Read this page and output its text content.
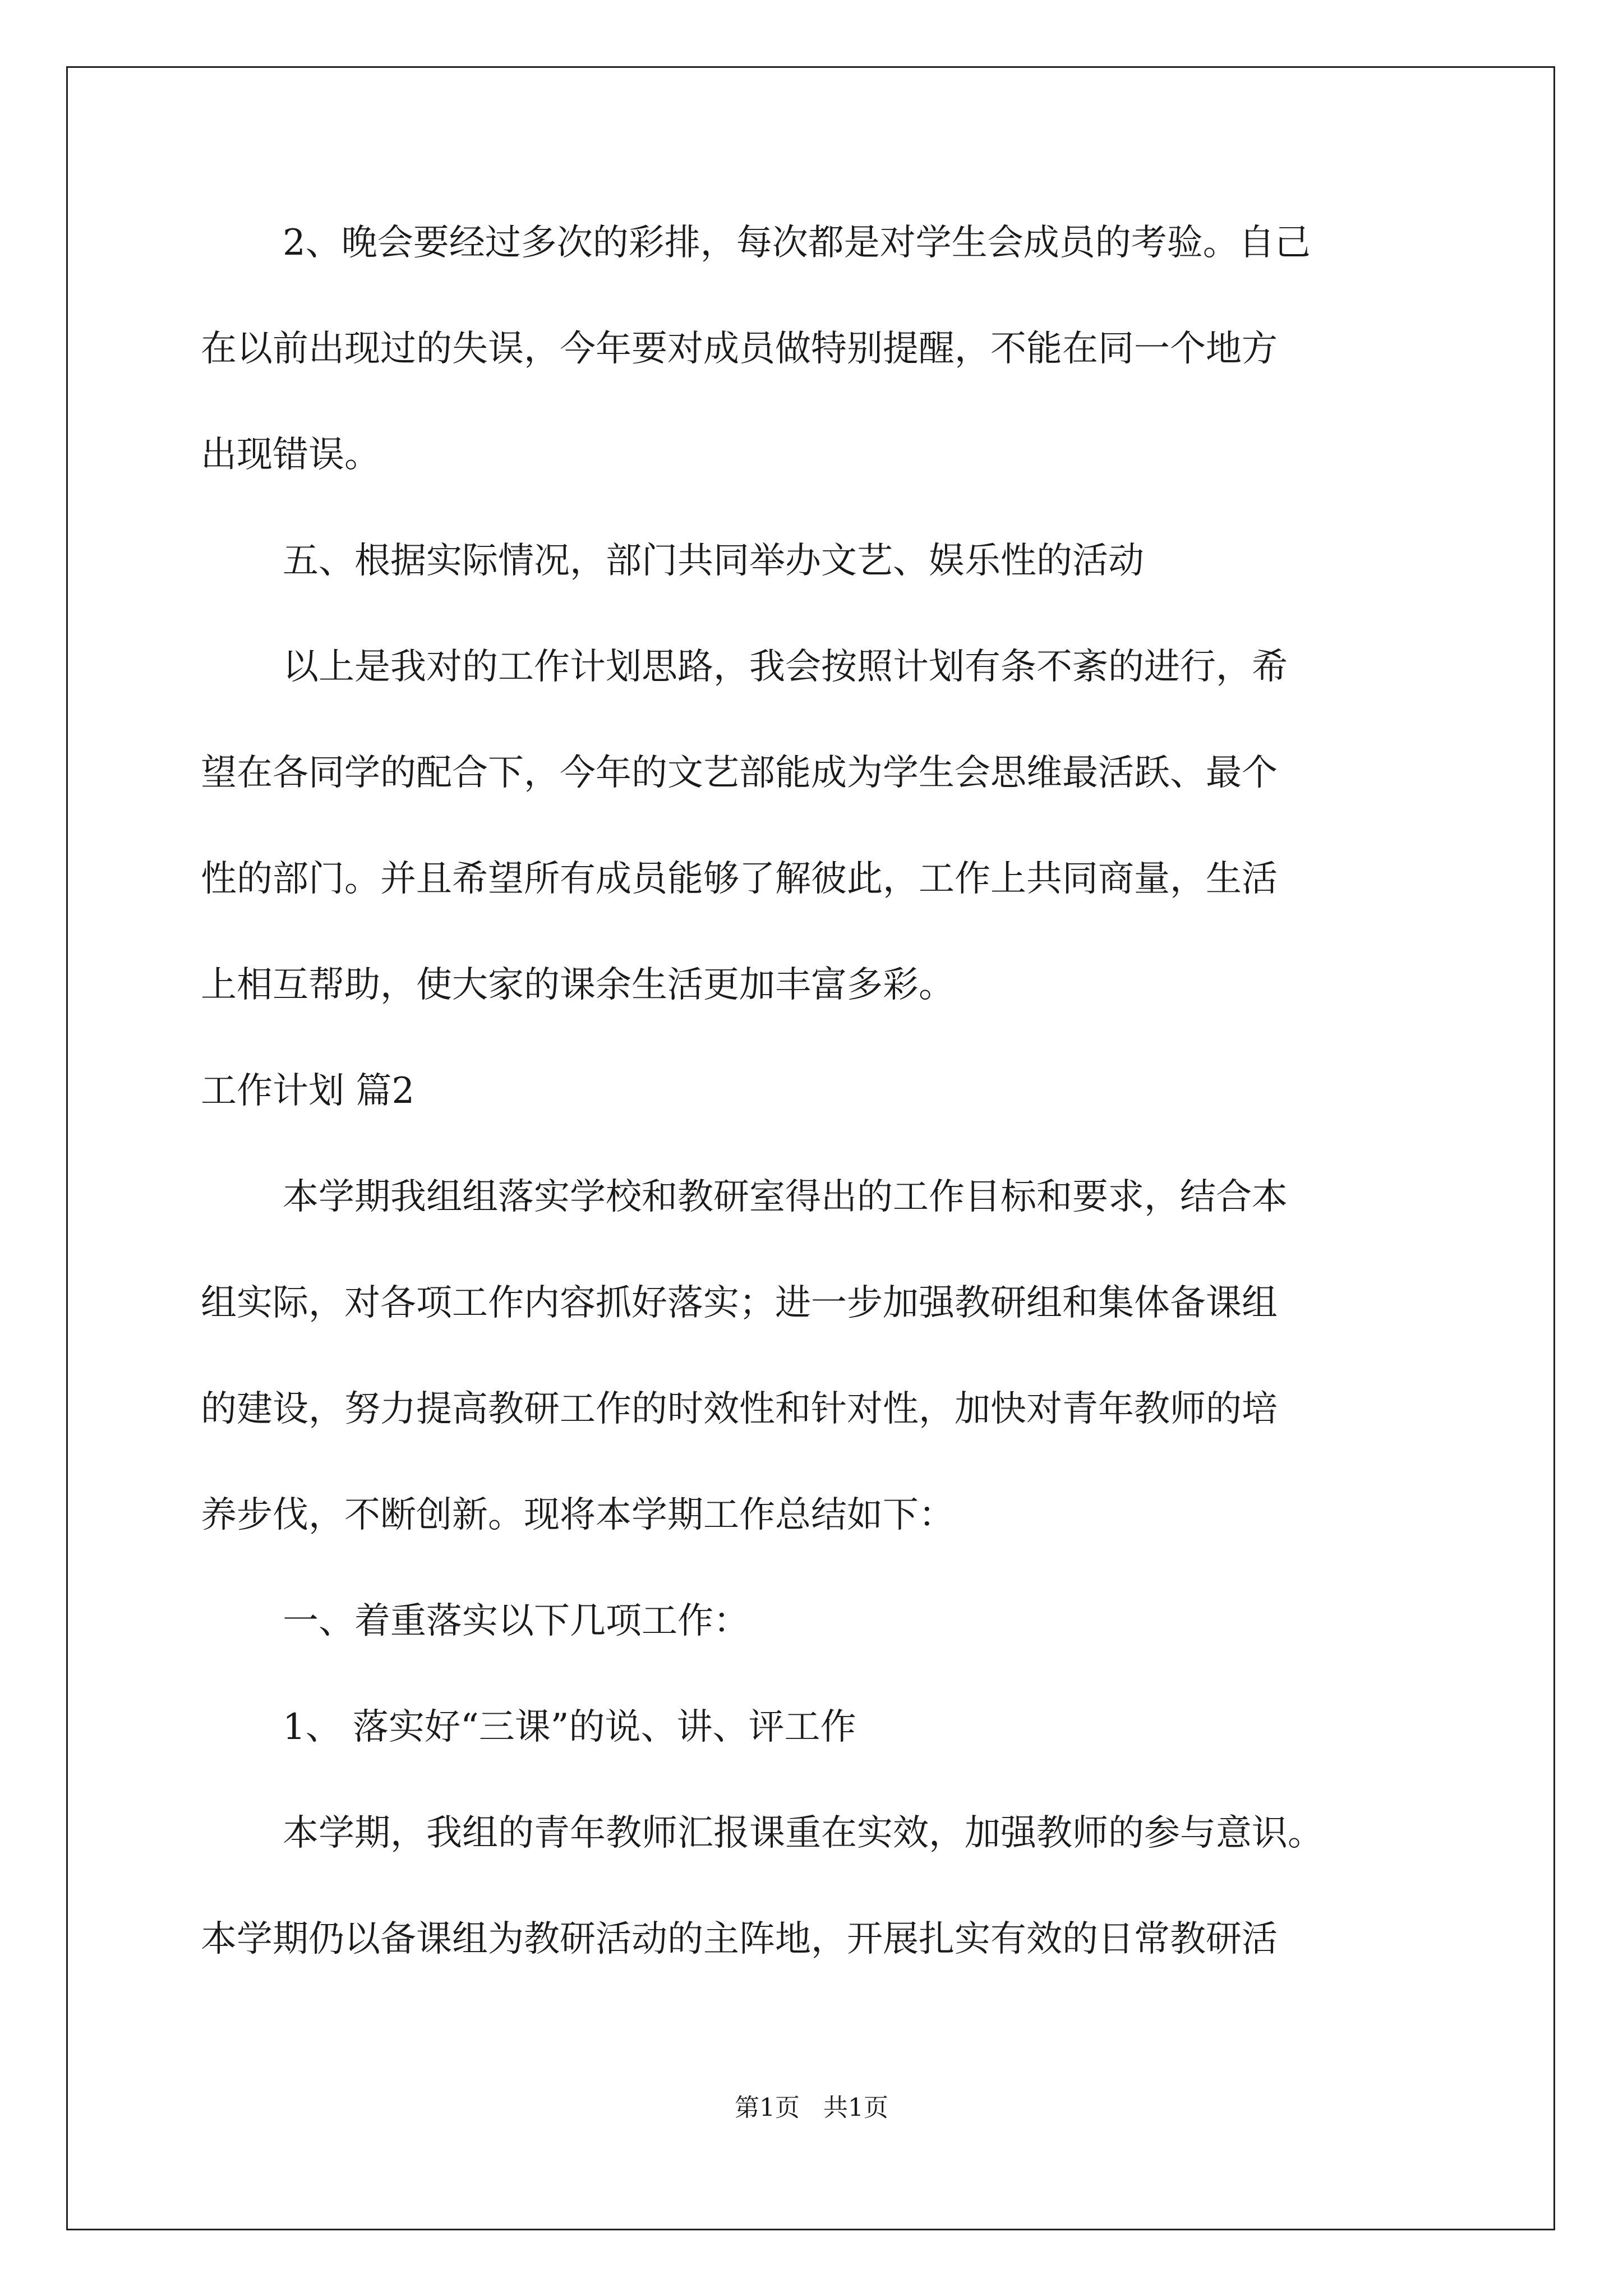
2、晚会要经过多次的彩排，每次都是对学生会成员的考验。自己
在以前出现过的失误，今年要对成员做特别提醒，不能在同一个地方
出现错误。
五、根据实际情况，部门共同举办文艺、娱乐性的活动
以上是我对的工作计划思路，我会按照计划有条不紊的进行，希
望在各同学的配合下，今年的文艺部能成为学生会思维最活跃、最个
性的部门。并且希望所有成员能够了解彼此，工作上共同商量，生活
上相互帮助，使大家的课余生活更加丰富多彩。
工作计划 篇2
本学期我组组落实学校和教研室得出的工作目标和要求，结合本
组实际，对各项工作内容抓好落实；进一步加强教研组和集体备课组
的建设，努力提高教研工作的时效性和针对性，加快对青年教师的培
养步伐，不断创新。现将本学期工作总结如下：
一、着重落实以下几项工作：
1、 落实好“三课”的说、讲、评工作
本学期，我组的青年教师汇报课重在实效，加强教师的参与意识。
本学期仍以备课组为教研活动的主阵地，开展扎实有效的日常教研活
第1页   共1页
